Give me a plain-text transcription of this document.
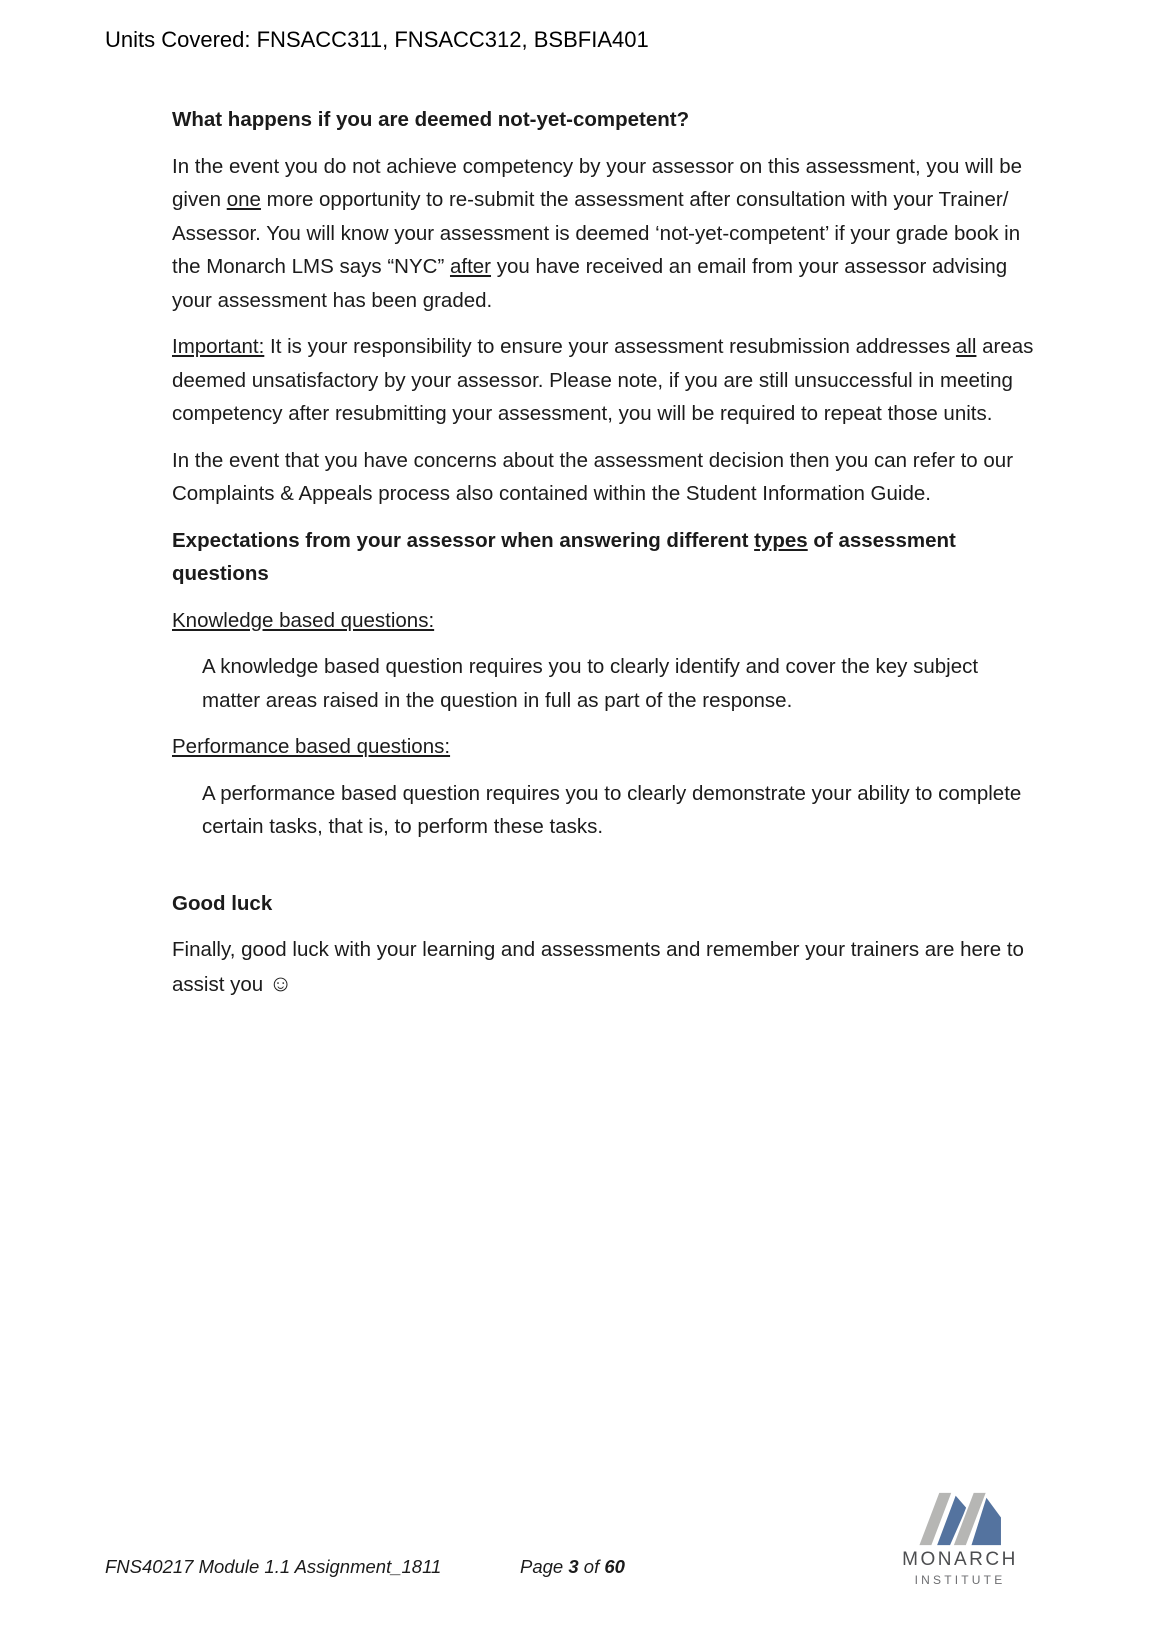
Units Covered: FNSACC311, FNSACC312, BSBFIA401

What happens if you are deemed not-yet-competent?

In the event you do not achieve competency by your assessor on this assessment, you will be given one more opportunity to re-submit the assessment after consultation with your Trainer/ Assessor. You will know your assessment is deemed ‘not-yet-competent’ if your grade book in the Monarch LMS says “NYC” after you have received an email from your assessor advising your assessment has been graded.

Important: It is your responsibility to ensure your assessment resubmission addresses all areas deemed unsatisfactory by your assessor. Please note, if you are still unsuccessful in meeting competency after resubmitting your assessment, you will be required to repeat those units.

In the event that you have concerns about the assessment decision then you can refer to our Complaints & Appeals process also contained within the Student Information Guide.

Expectations from your assessor when answering different types of assessment questions

Knowledge based questions:

A knowledge based question requires you to clearly identify and cover the key subject matter areas raised in the question in full as part of the response.

Performance based questions:

A performance based question requires you to clearly demonstrate your ability to complete certain tasks, that is, to perform these tasks.

Good luck

Finally, good luck with your learning and assessments and remember your trainers are here to assist you ☺

MONARCH
INSTITUTE
FNS40217 Module 1.1 Assignment_1811	Page 3 of 60
